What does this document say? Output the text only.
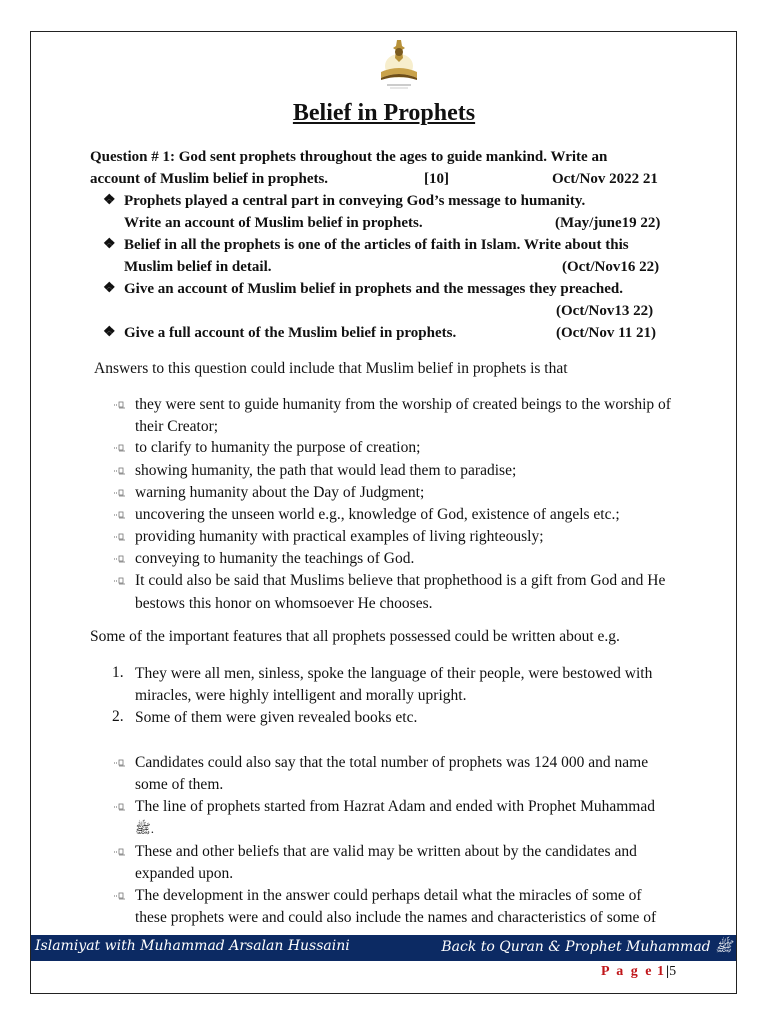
Belief in Prophets
Question # 1: God sent prophets throughout the ages to guide mankind. Write an
account of Muslim belief in prophets.	[10]	Oct/Nov 2022 21
❖ Prophets played a central part in conveying God’s message to humanity.
Write an account of Muslim belief in prophets.	(May/june19 22)
❖ Belief in all the prophets is one of the articles of faith in Islam. Write about this
Muslim belief in detail.	(Oct/Nov16 22)
❖ Give an account of Muslim belief in prophets and the messages they preached.
(Oct/Nov13 22)
❖ Give a full account of the Muslim belief in prophets.	(Oct/Nov 11 21)
Answers to this question could include that Muslim belief in prophets is that
they were sent to guide humanity from the worship of created beings to the worship of
their Creator;
to clarify to humanity the purpose of creation;
showing humanity, the path that would lead them to paradise;
warning humanity about the Day of Judgment;
uncovering the unseen world e.g., knowledge of God, existence of angels etc.;
providing humanity with practical examples of living righteously;
conveying to humanity the teachings of God.
It could also be said that Muslims believe that prophethood is a gift from God and He
bestows this honor on whomsoever He chooses.
Some of the important features that all prophets possessed could be written about e.g.
1. They were all men, sinless, spoke the language of their people, were bestowed with
miracles, were highly intelligent and morally upright.
2. Some of them were given revealed books etc.
Candidates could also say that the total number of prophets was 124 000 and name
some of them.
The line of prophets started from Hazrat Adam and ended with Prophet Muhammad
ﷺ.
These and other beliefs that are valid may be written about by the candidates and
expanded upon.
The development in the answer could perhaps detail what the miracles of some of
these prophets were and could also include the names and characteristics of some of
Islamiyat with Muhammad Arsalan Hussaini	Back to Quran & Prophet Muhammad ﷺ
P a g e 1|5
